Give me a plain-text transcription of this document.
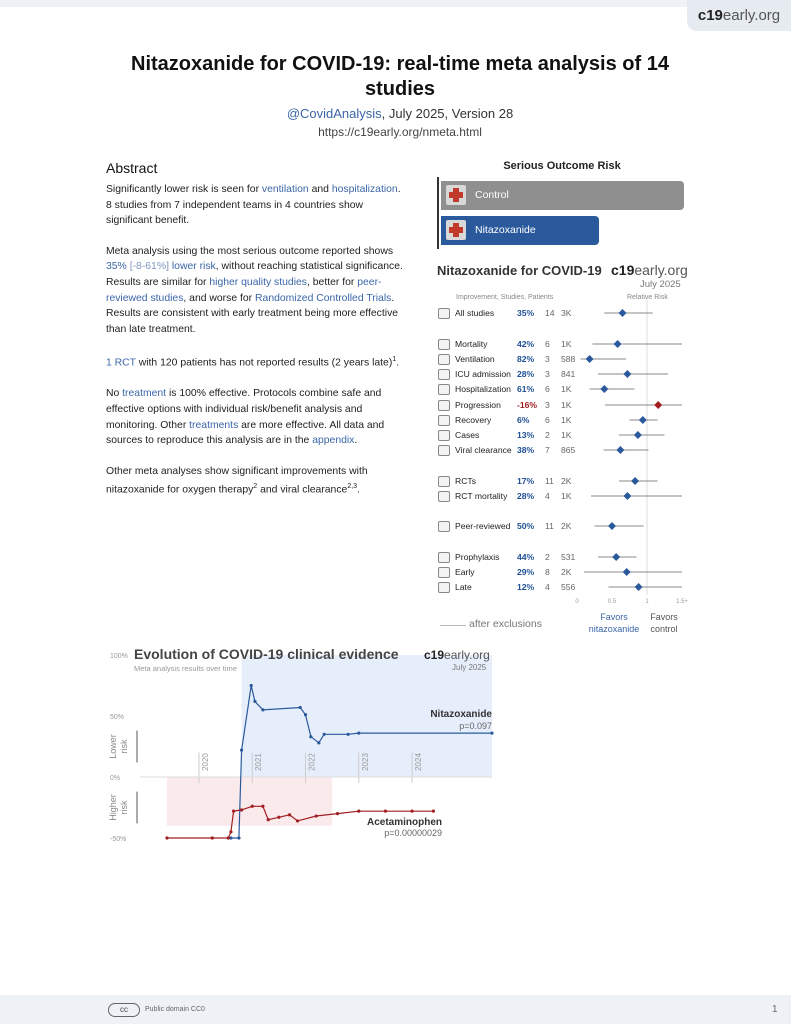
c19 early.org
Nitazoxanide for COVID-19: real-time meta analysis of 14 studies
@CovidAnalysis, July 2025, Version 28
https://c19early.org/nmeta.html
Abstract

Significantly lower risk is seen for ventilation and hospitalization. 8 studies from 7 independent teams in 4 countries show significant benefit.

Meta analysis using the most serious outcome reported shows 35% [-8-61%] lower risk, without reaching statistical significance. Results are similar for higher quality studies, better for peer-reviewed studies, and worse for Randomized Controlled Trials. Results are consistent with early treatment being more effective than late treatment.

1 RCT with 120 patients has not reported results (2 years late)$^1$.

No treatment is 100% effective. Protocols combine safe and effective options with individual risk/benefit analysis and monitoring. Other treatments are more effective. All data and sources to reproduce this analysis are in the appendix.

Other meta analyses show significant improvements with nitazoxanide for oxygen therapy$^2$ and viral clearance$^{2,3}$.

Serious Outcome Risk
Control
Nitazoxanide
Nitazoxanide for COVID-19 c19early.org
July 2025
Improvement, Studies, Patients	Relative Risk
All studies	35%	14 3K
Mortality	42%	6	1K
Ventilation	82%	3	588
ICU admission 28%	3	841
Hospitalization 61%	6	1K
Progression	-16% 3	1K
Recovery	6%	6	1K
Cases	13%	2	1K
Viral clearance 38%	7	865
RCTs	17%	11 2K
RCT mortality	28%	4	1K
Peer-reviewed 50%	11 2K
Prophylaxis	44%	2	531
Early	29%	8	2K
Late	12%	4	556
0	0.5	1	1.5+
after exclusions
Favors
nitazoxanide
Favors
control
2020	2021	2022	2023	2024
100%
50%
0%
-50%
Lower risk
Higher risk
Evolution of COVID-19 clinical evidence
Meta analysis results over time
c19early.org
July 2025
Nitazoxanide
p=0.097
Acetaminophen
p=0.00000029
cc	Public domain CC0	1
